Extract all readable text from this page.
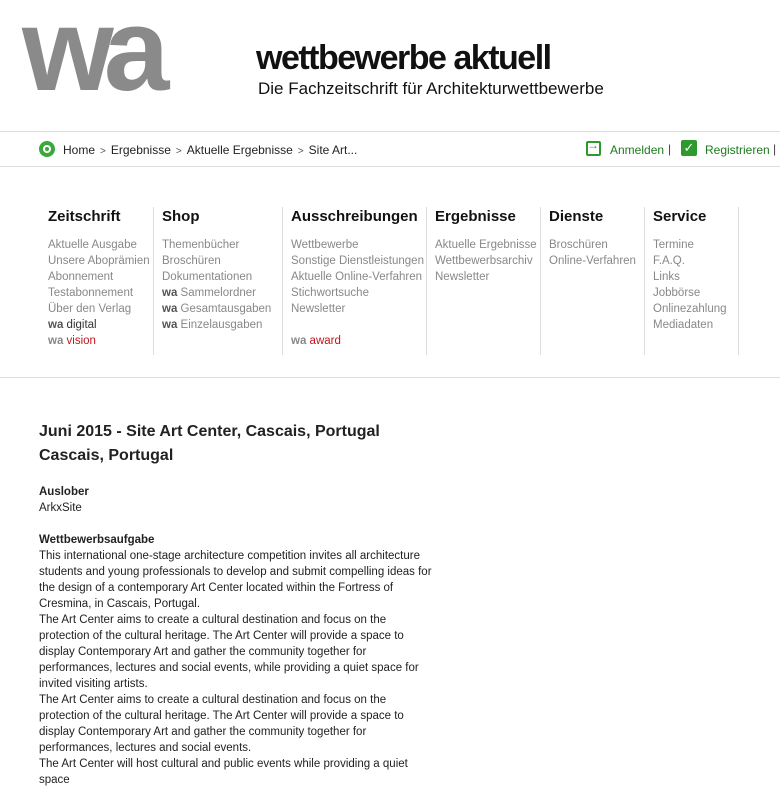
wa	wettbewerbe aktuell
Die Fachzeitschrift für Architekturwettbewerbe
Home > Ergebnisse > Aktuelle Ergebnisse > Site Art...
→	Anmelden | ✓ Registrieren |
Zeitschrift
Aktuelle Ausgabe
Unsere Aboprämien
Abonnement
Testabonnement
Über den Verlag
wa digital
wa vision
Shop
Themenbücher
Broschüren
Dokumentationen
wa Sammelordner
wa Gesamtausgaben
wa Einzelausgaben
Ausschreibungen
Wettbewerbe
Sonstige Dienstleistungen
Aktuelle Online-Verfahren
Stichwortsuche
Newsletter
wa award
Ergebnisse
Aktuelle Ergebnisse
Wettbewerbsarchiv
Newsletter
Dienste
Broschüren
Online-Verfahren
Service
Termine
F.A.Q.
Links
Jobbörse
Onlinezahlung
Mediadaten
Juni 2015 - Site Art Center, Cascais, Portugal
Cascais, Portugal
Auslober

ArkxSite

Wettbewerbsaufgabe

This international one-stage architecture competition invites all architecture students and young professionals to develop and submit compelling ideas for the design of a contemporary Art Center located within the Fortress of Cresmina, in Cascais, Portugal.

The Art Center aims to create a cultural destination and focus on the protection of the cultural heritage. The Art Center will provide a space to display Contemporary Art and gather the community together for performances, lectures and social events, while providing a quiet space for invited visiting artists.

The Art Center aims to create a cultural destination and focus on the protection of the cultural heritage. The Art Center will provide a space to display Contemporary Art and gather the community together for performances, lectures and social events.

The Art Center will host cultural and public events while providing a quiet space
